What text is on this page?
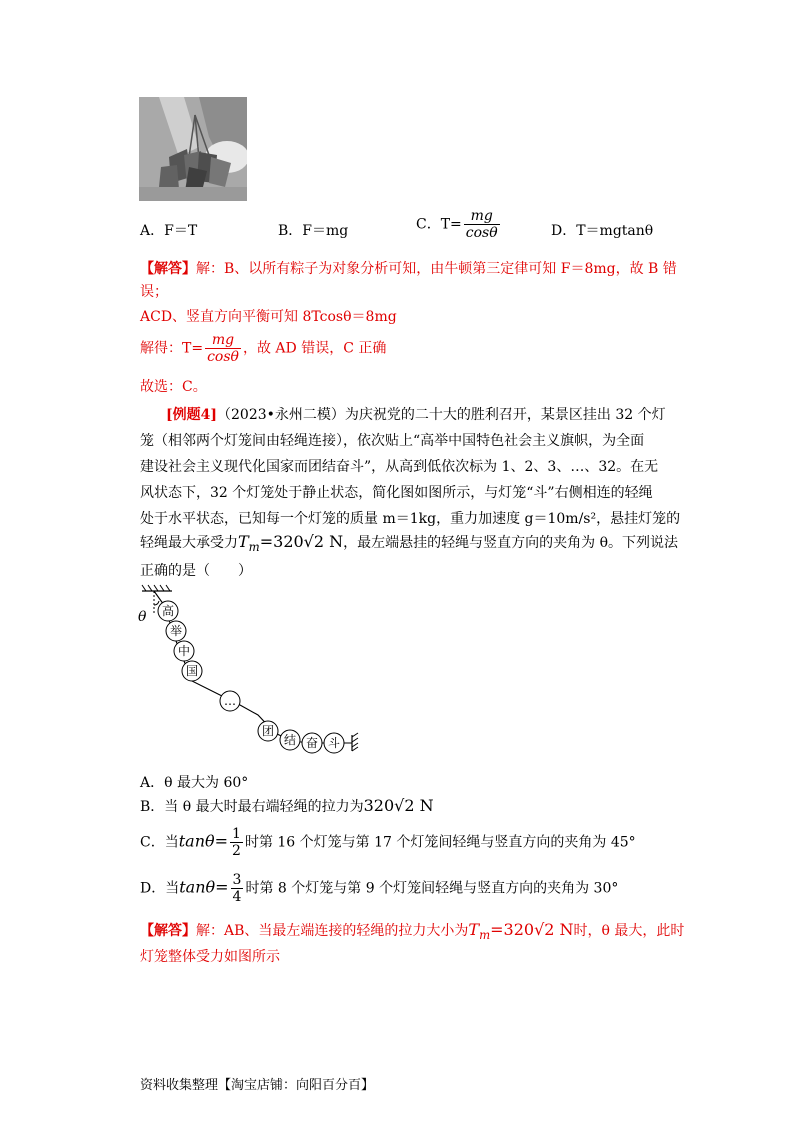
A．F＝T	B．F＝mg	C．$T= \frac{mg}{\cos\theta}$	D．T＝mgtanθ
【解答】解：B、以所有粽子为对象分析可知，由牛顿第三定律可知 F＝8mg，故 B 错
误；
ACD、竖直方向平衡可知 8Tcosθ＝8mg
解得：$T= \frac{mg}{\cos\theta}$ ，故 AD 错误，C 正确
故选：C。
[例题4]（2023•永州二模）为庆祝党的二十大的胜利召开，某景区挂出 32 个灯
笼（相邻两个灯笼间由轻绳连接），依次贴上“高举中国特色社会主义旗帜，为全面
建设社会主义现代化国家而团结奋斗”，从高到低依次标为 1、2、3、…、32。在无
风状态下，32 个灯笼处于静止状态，简化图如图所示，与灯笼“斗”右侧相连的轻绳
处于水平状态，已知每一个灯笼的质量 m＝1kg，重力加速度 g＝10m/s²，悬挂灯笼的
轻绳最大承受力$T_m=320√2$ N，最左端悬挂的轻绳与竖直方向的夹角为 θ。下列说法
正确的是（　　）
θ 高
举
中
国
…
团
结 奋 斗
A．θ 最大为 60°
B．当 θ 最大时最右端轻绳的拉力为320√2 N
C．当$\tan\theta= \frac{1}{2}$ 时第 16 个灯笼与第 17 个灯笼间轻绳与竖直方向的夹角为 45°
D．当$\tan\theta= \frac{3}{4}$ 时第 8 个灯笼与第 9 个灯笼间轻绳与竖直方向的夹角为 30°
【解答】解：AB、当最左端连接的轻绳的拉力大小为$T_m=320√2$ N时，θ 最大，此时
灯笼整体受力如图所示
资料收集整理【淘宝店铺：向阳百分百】
